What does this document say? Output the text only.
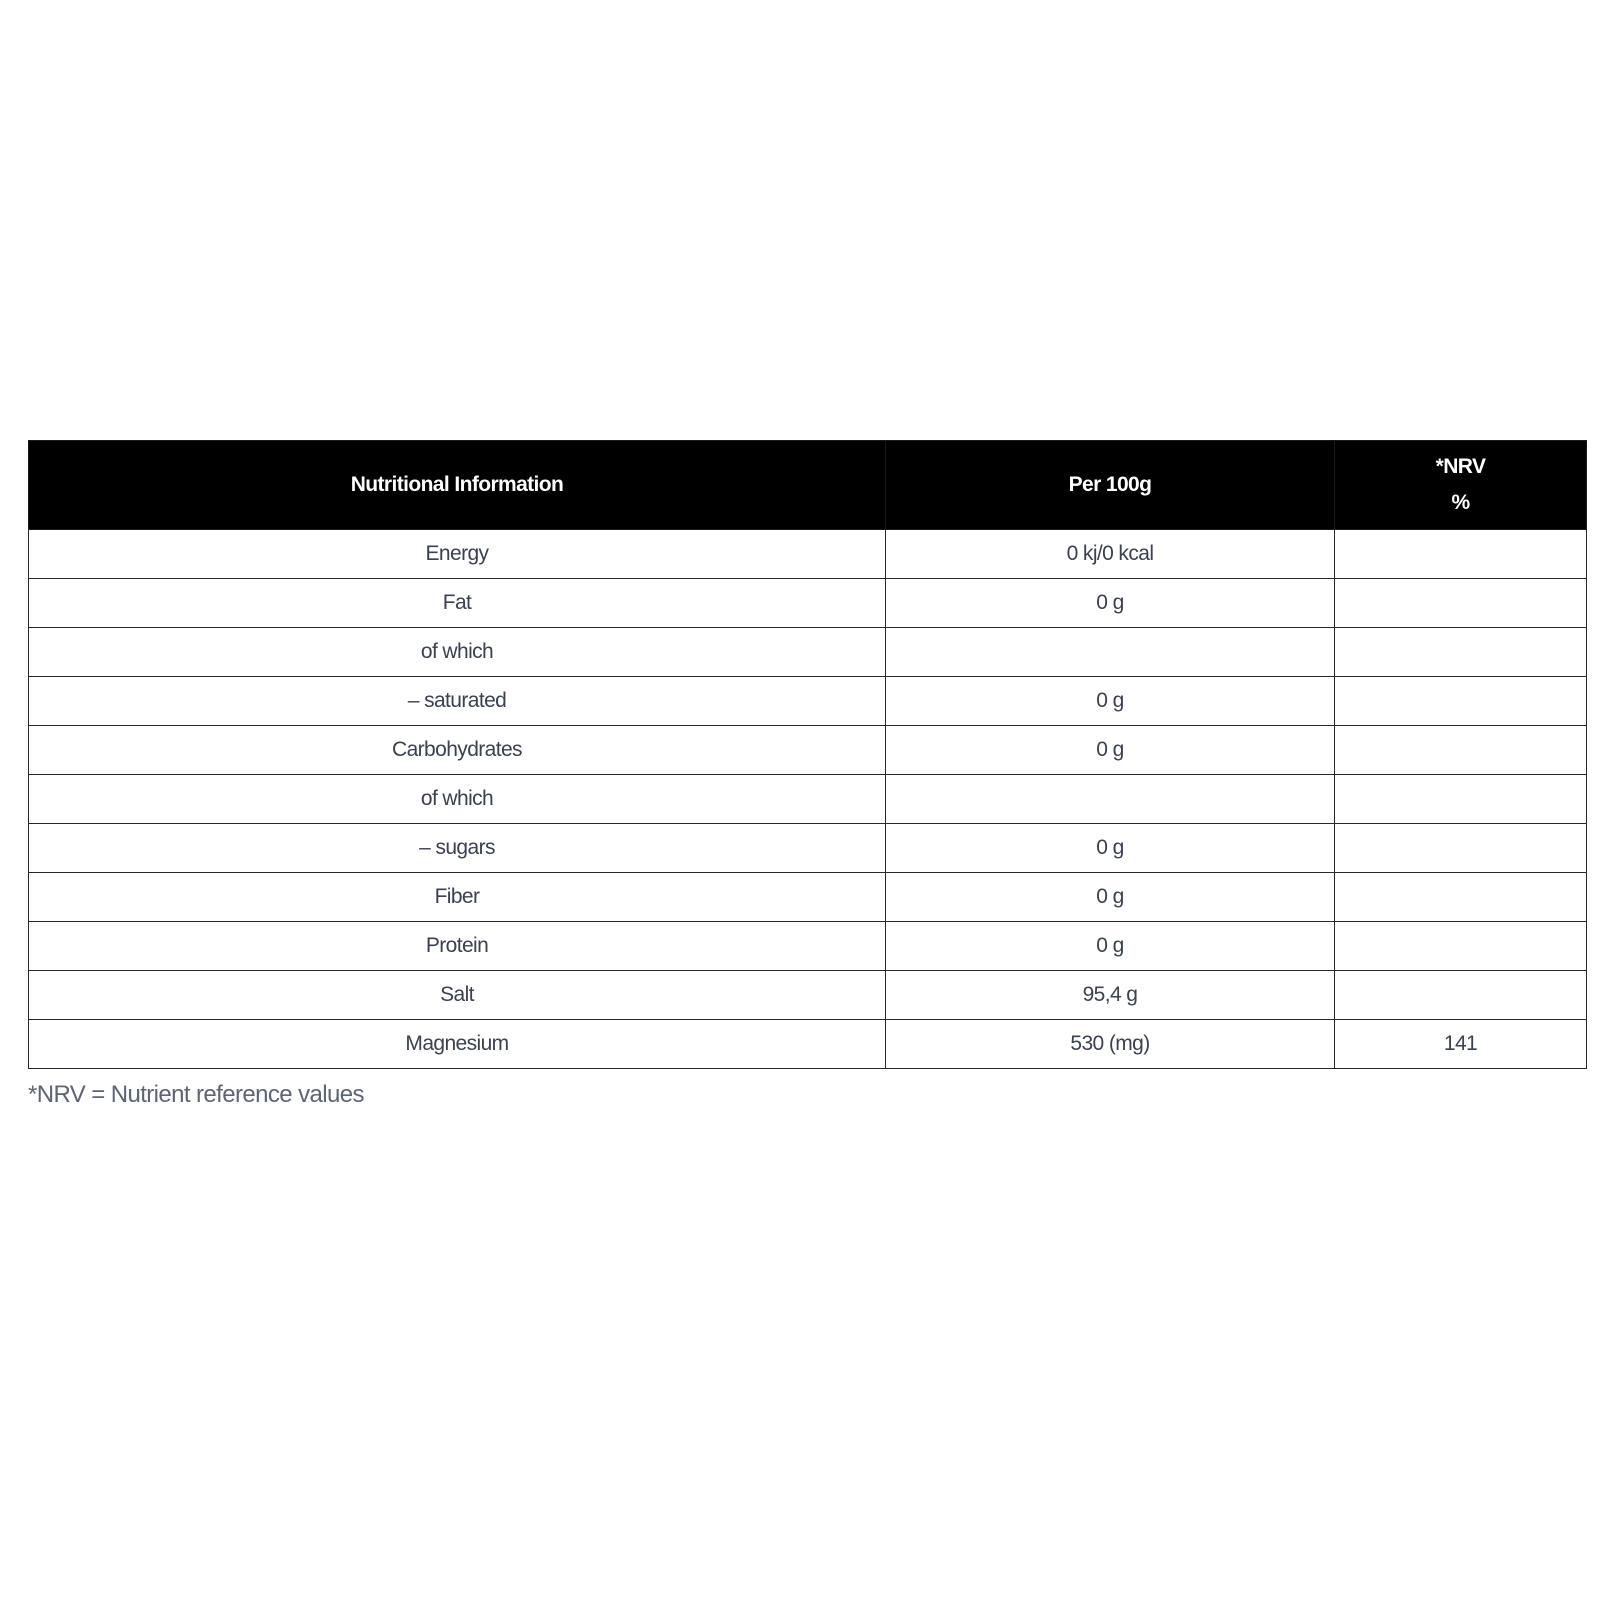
Nutritional Information	Per 100g	*NRV
%

Energy	0 kj/0 kcal	
Fat	0 g	
of which		
– saturated	0 g	
Carbohydrates	0 g	
of which		
– sugars	0 g	
Fiber	0 g	
Protein	0 g	
Salt	95,4 g	
Magnesium	530 (mg)	141
*NRV = Nutrient reference values
